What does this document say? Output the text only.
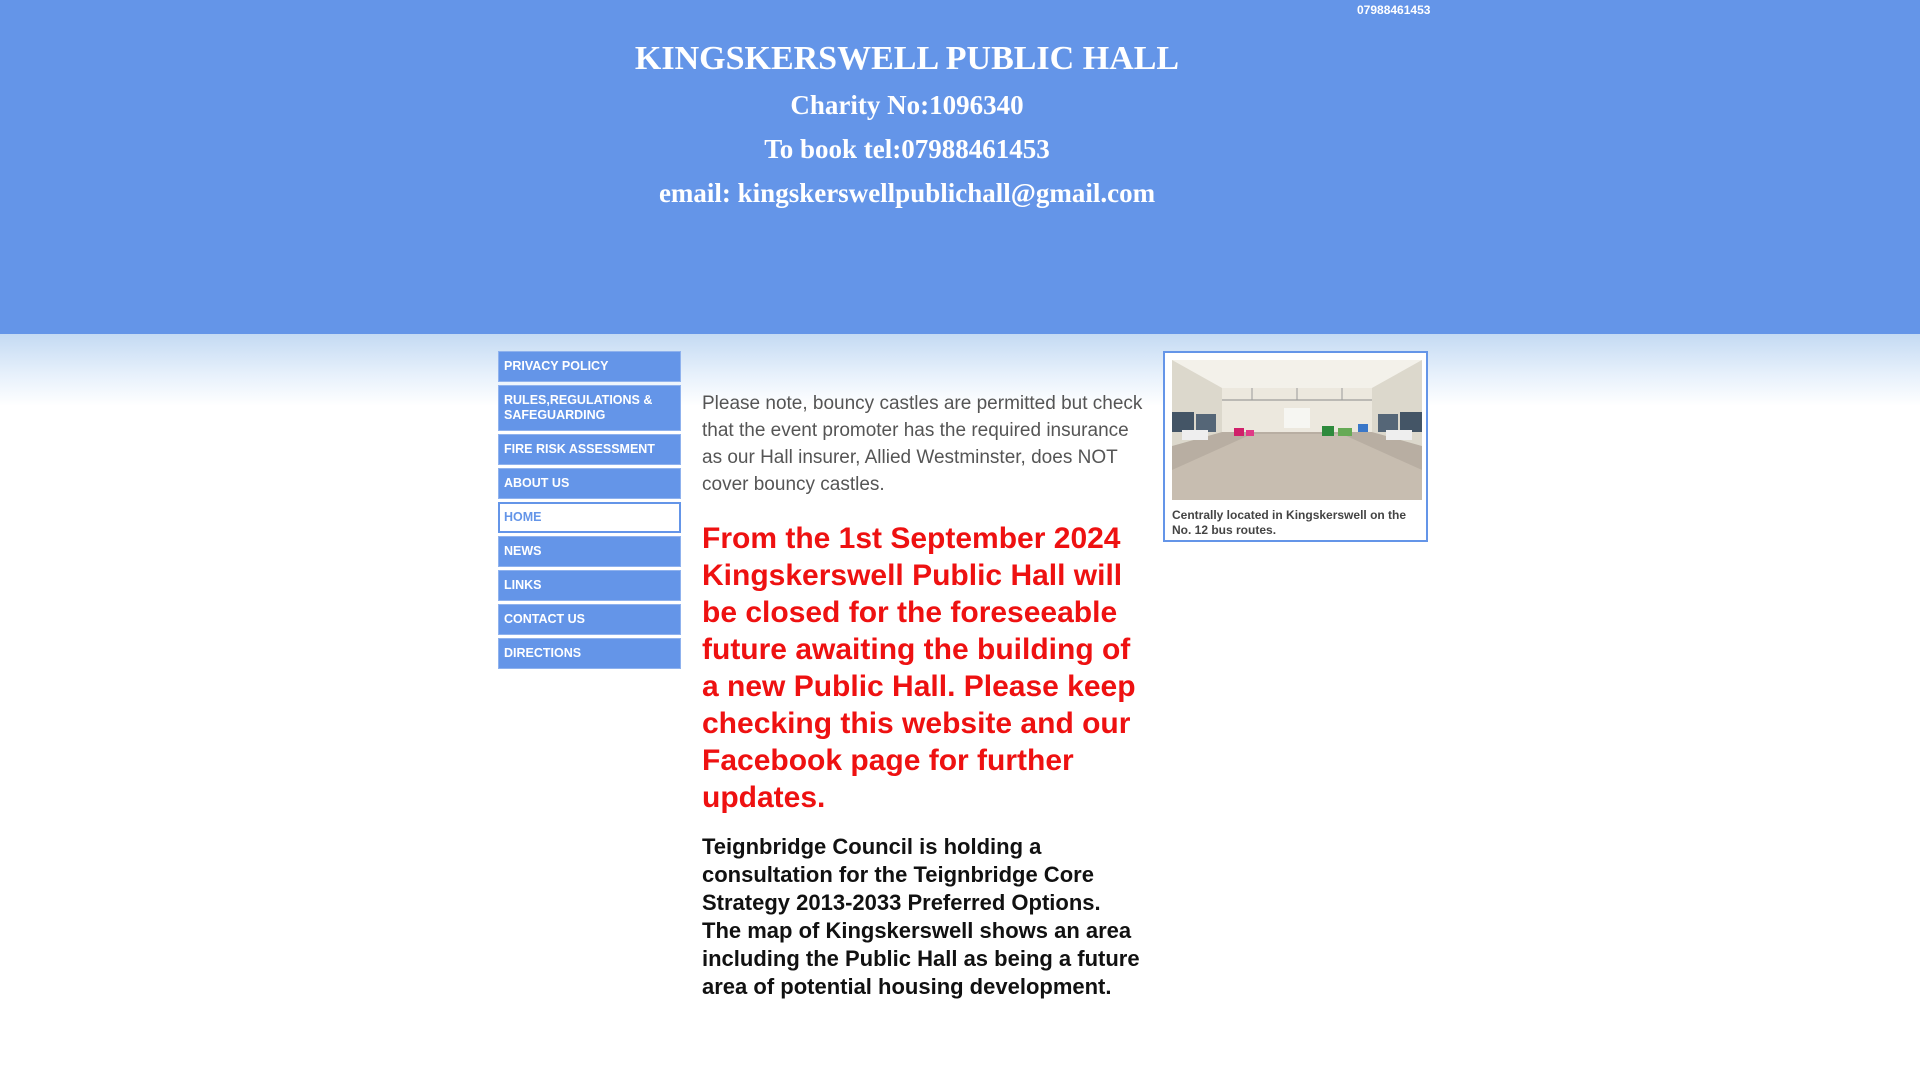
07988461453
KINGSKERSWELL PUBLIC HALL
Charity No:1096340
To book tel:07988461453
email: kingskerswellpublichall@gmail.com
PRIVACY POLICY
RULES,REGULATIONS & SAFEGUARDING
FIRE RISK ASSESSMENT
ABOUT US
HOME
NEWS
LINKS
CONTACT US
DIRECTIONS

Please note, bouncy castles are permitted but check that the event promoter has the required insurance as our Hall insurer, Allied Westminster, does NOT cover bouncy castles.

From the 1st September 2024 Kingskerswell Public Hall will be closed for the foreseeable future awaiting the building of a new Public Hall. Please keep checking this website and our Facebook page for further updates.

Teignbridge Council is holding a consultation for the Teignbridge Core Strategy 2013-2033 Preferred Options. The map of Kingskerswell shows an area including the Public Hall as being a future area of potential housing development.

Centrally located in Kingskerswell on the No. 12 bus routes.
